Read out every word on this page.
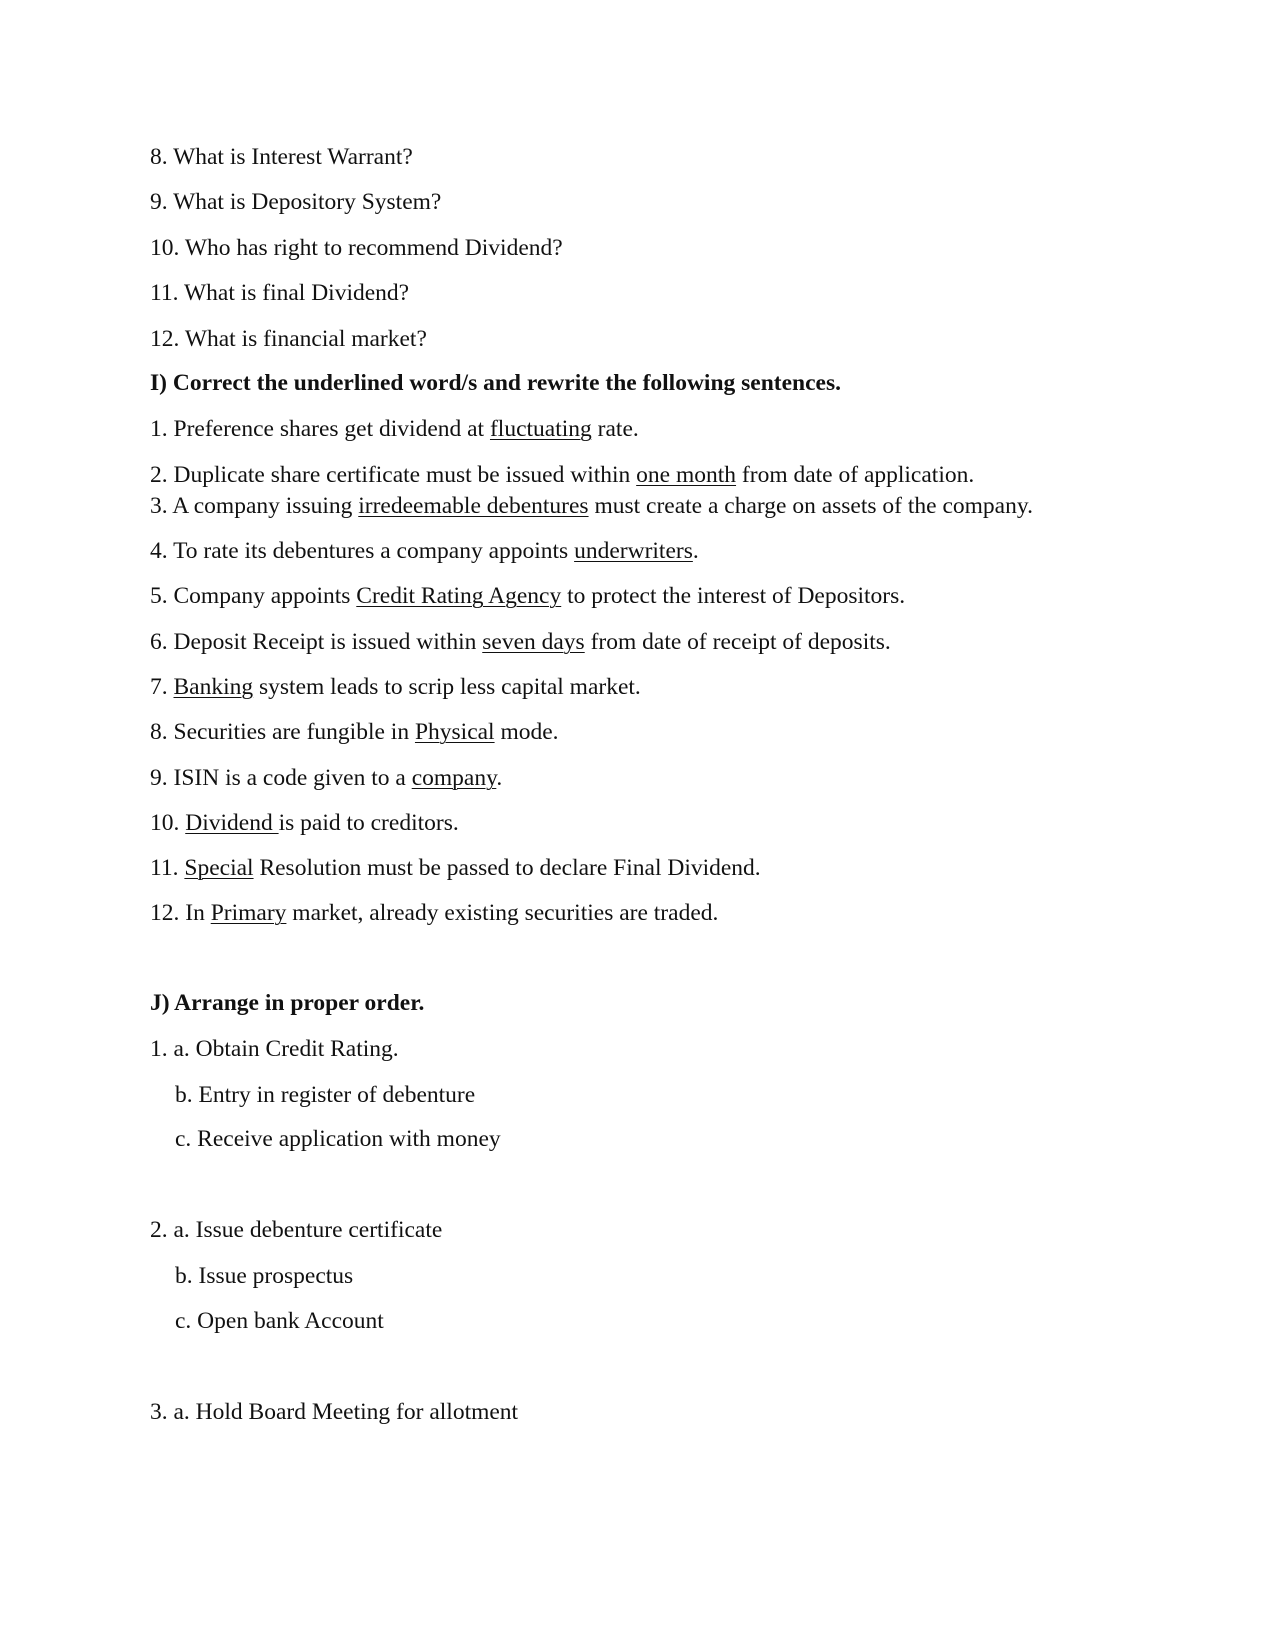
8. What is Interest Warrant?
9. What is Depository System?
10. Who has right to recommend Dividend?
11. What is final Dividend?
12. What is financial market?
I) Correct the underlined word/s and rewrite the following sentences.
1. Preference shares get dividend at fluctuating rate.
2. Duplicate share certificate must be issued within one month from date of application.
3. A company issuing irredeemable debentures must create a charge on assets of the company.
4. To rate its debentures a company appoints underwriters.
5. Company appoints Credit Rating Agency to protect the interest of Depositors.
6. Deposit Receipt is issued within seven days from date of receipt of deposits.
7. Banking system leads to scrip less capital market.
8. Securities are fungible in Physical mode.
9. ISIN is a code given to a company.
10. Dividend is paid to creditors.
11. Special Resolution must be passed to declare Final Dividend.
12. In Primary market, already existing securities are traded.
J) Arrange in proper order.
1. a. Obtain Credit Rating.
b. Entry in register of debenture
c. Receive application with money
2. a. Issue debenture certificate
b. Issue prospectus
c. Open bank Account
3. a. Hold Board Meeting for allotment
